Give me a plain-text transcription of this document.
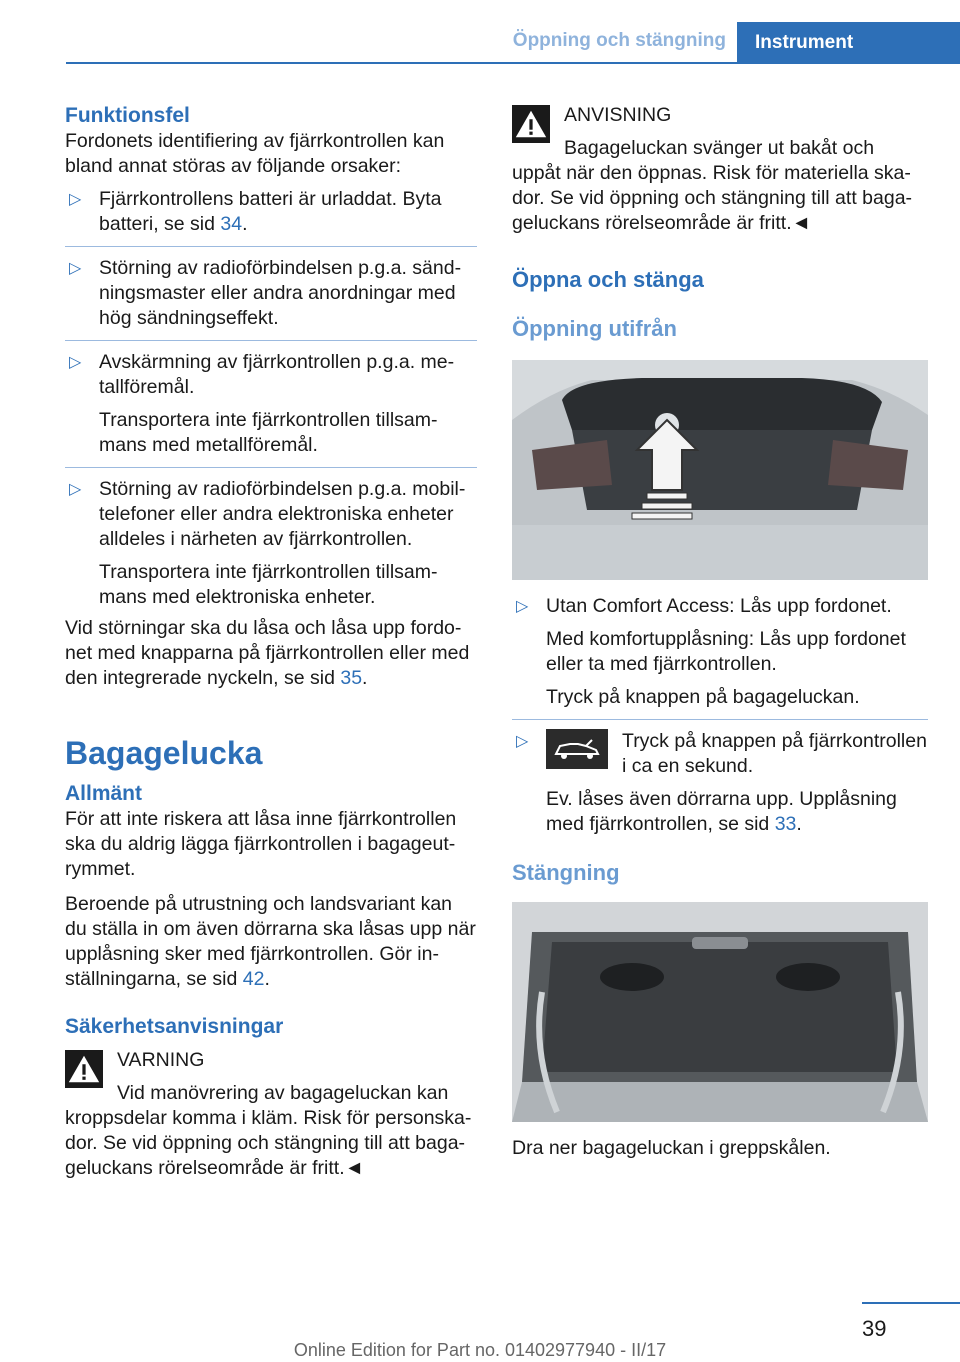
Öppning och stängning Instrument
Funktionsfel

Fordonets identifiering av fjärrkontrollen kan bland annat störas av följande orsaker:

▷ Fjärrkontrollens batteri är urladdat. Byta batteri, se sid 34.

▷ Störning av radioförbindelsen p.g.a. sändningsmaster eller andra anordningar med hög sändningseffekt.

▷ Avskärmning av fjärrkontrollen p.g.a. metallföremål.

Transportera inte fjärrkontrollen tillsammans med metallföremål.

▷ Störning av radioförbindelsen p.g.a. mobiltelefoner eller andra elektroniska enheter alldeles i närheten av fjärrkontrollen.

Transportera inte fjärrkontrollen tillsammans med elektroniska enheter.

Vid störningar ska du låsa och låsa upp fordonet med knapparna på fjärrkontrollen eller med den integrerade nyckeln, se sid 35.

Bagagelucka
Allmänt

För att inte riskera att låsa inne fjärrkontrollen ska du aldrig lägga fjärrkontrollen i bagageutrymmet.

Beroende på utrustning och landsvariant kan du ställa in om även dörrarna ska låsas upp när upplåsning sker med fjärrkontrollen. Gör inställningarna, se sid 42.

Säkerhetsanvisningar
VARNING
Vid manövrering av bagageluckan kan kroppsdelar komma i kläm. Risk för personskador. Se vid öppning och stängning till att bagageluckans rörelseområde är fritt.◄
ANVISNING
Bagageluckan svänger ut bakåt och uppåt när den öppnas. Risk för materiella skador. Se vid öppning och stängning till att bagageluckans rörelseområde är fritt.◄
Öppna och stänga
Öppning utifrån
▷ Utan Comfort Access: Lås upp fordonet.

Med komfortupplåsning: Lås upp fordonet eller ta med fjärrkontrollen.

Tryck på knappen på bagageluckan.

▷	Tryck på knappen på fjärrkontrollen i ca en sekund.

Ev. låses även dörrarna upp. Upplåsning med fjärrkontrollen, se sid 33.

Stängning

Dra ner bagageluckan i greppskålen.

39
Online Edition for Part no. 01402977940 - II/17
